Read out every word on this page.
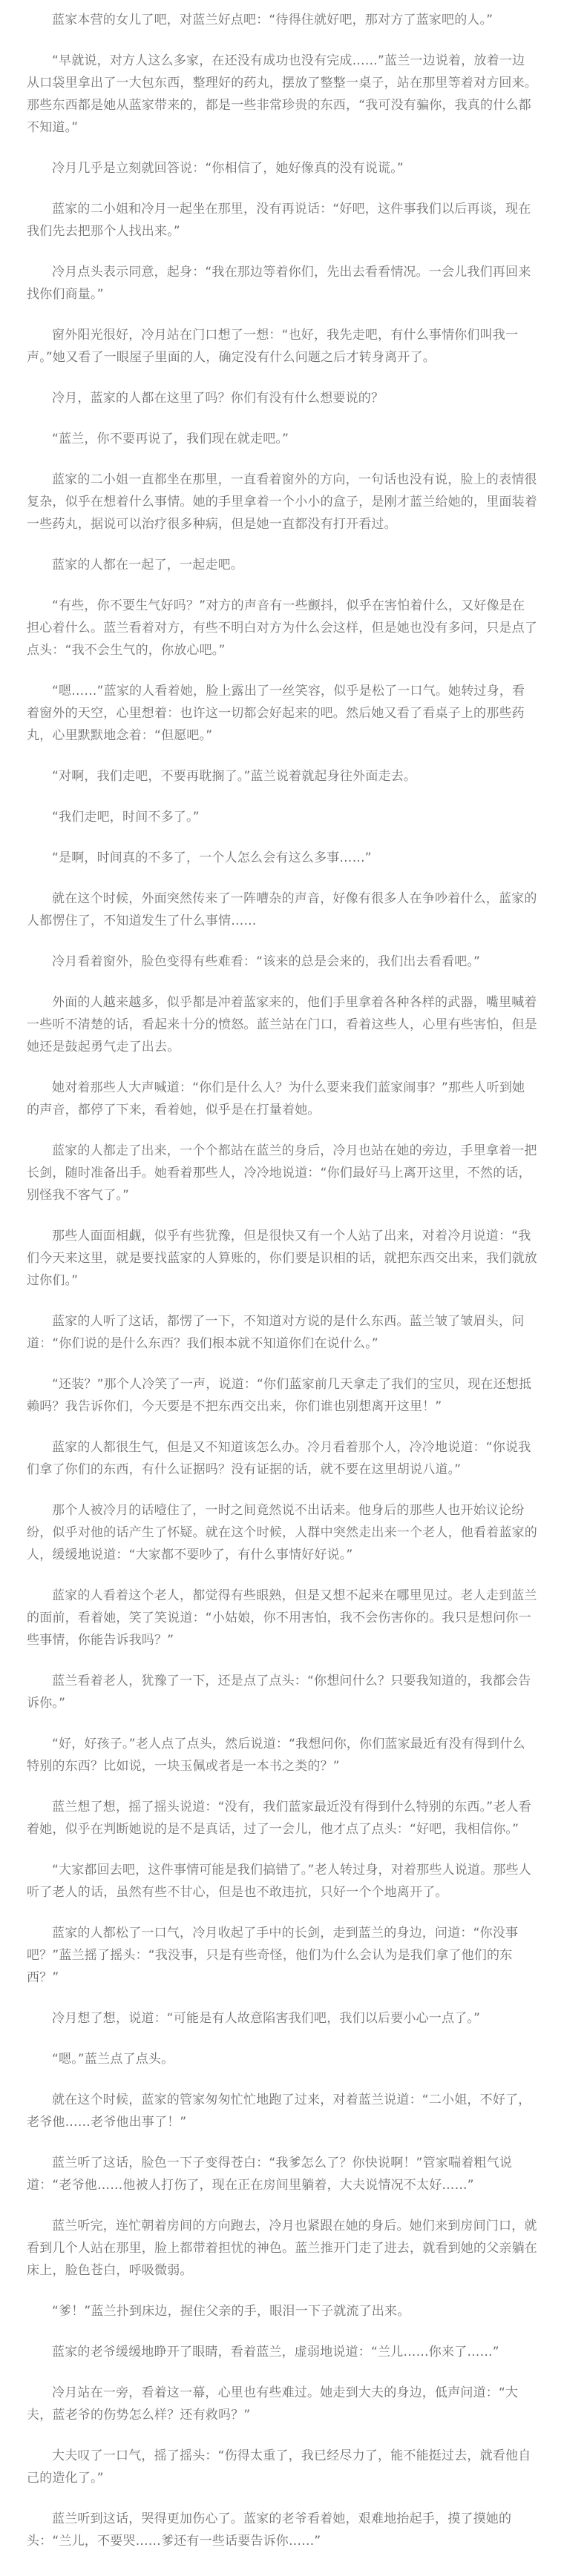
蓝家本营的女儿了吧，对蓝兰好点吧：“待得住就好吧，那对方了蓝家吧的人。”

“早就说，对方人这么多家，在还没有成功也没有完成……”蓝兰一边说着，放着一边从口袋里拿出了一大包东西，整理好的药丸，摆放了整整一桌子，站在那里等着对方回来。那些东西都是她从蓝家带来的，都是一些非常珍贵的东西，“我可没有骗你，我真的什么都不知道。”

冷月几乎是立刻就回答说：“你相信了，她好像真的没有说谎。”

蓝家的二小姐和冷月一起坐在那里，没有再说话：“好吧，这件事我们以后再谈，现在我们先去把那个人找出来。”

冷月点头表示同意，起身：“我在那边等着你们，先出去看看情况。一会儿我们再回来找你们商量。”

窗外阳光很好，冷月站在门口想了一想：“也好，我先走吧，有什么事情你们叫我一声。”她又看了一眼屋子里面的人，确定没有什么问题之后才转身离开了。

冷月，蓝家的人都在这里了吗？你们有没有什么想要说的？

“蓝兰，你不要再说了，我们现在就走吧。”

蓝家的二小姐一直都坐在那里，一直看着窗外的方向，一句话也没有说，脸上的表情很复杂，似乎在想着什么事情。她的手里拿着一个小小的盒子，是刚才蓝兰给她的，里面装着一些药丸，据说可以治疗很多种病，但是她一直都没有打开看过。

蓝家的人都在一起了，一起走吧。

“有些，你不要生气好吗？”对方的声音有一些颤抖，似乎在害怕着什么，又好像是在担心着什么。蓝兰看着对方，有些不明白对方为什么会这样，但是她也没有多问，只是点了点头：“我不会生气的，你放心吧。”

“嗯……”蓝家的人看着她，脸上露出了一丝笑容，似乎是松了一口气。她转过身，看着窗外的天空，心里想着：也许这一切都会好起来的吧。然后她又看了看桌子上的那些药丸，心里默默地念着：“但愿吧。”

“对啊，我们走吧，不要再耽搁了。”蓝兰说着就起身往外面走去。

“我们走吧，时间不多了。”

“是啊，时间真的不多了，一个人怎么会有这么多事……”

就在这个时候，外面突然传来了一阵嘈杂的声音，好像有很多人在争吵着什么，蓝家的人都愣住了，不知道发生了什么事情……

冷月看着窗外，脸色变得有些难看：“该来的总是会来的，我们出去看看吧。”

外面的人越来越多，似乎都是冲着蓝家来的，他们手里拿着各种各样的武器，嘴里喊着一些听不清楚的话，看起来十分的愤怒。蓝兰站在门口，看着这些人，心里有些害怕，但是她还是鼓起勇气走了出去。

她对着那些人大声喊道：“你们是什么人？为什么要来我们蓝家闹事？”那些人听到她的声音，都停了下来，看着她，似乎是在打量着她。

蓝家的人都走了出来，一个个都站在蓝兰的身后，冷月也站在她的旁边，手里拿着一把长剑，随时准备出手。她看着那些人，冷冷地说道：“你们最好马上离开这里，不然的话，别怪我不客气了。”

那些人面面相觑，似乎有些犹豫，但是很快又有一个人站了出来，对着冷月说道：“我们今天来这里，就是要找蓝家的人算账的，你们要是识相的话，就把东西交出来，我们就放过你们。”

蓝家的人听了这话，都愣了一下，不知道对方说的是什么东西。蓝兰皱了皱眉头，问道：“你们说的是什么东西？我们根本就不知道你们在说什么。”

“还装？”那个人冷笑了一声，说道：“你们蓝家前几天拿走了我们的宝贝，现在还想抵赖吗？我告诉你们，今天要是不把东西交出来，你们谁也别想离开这里！”

蓝家的人都很生气，但是又不知道该怎么办。冷月看着那个人，冷冷地说道：“你说我们拿了你们的东西，有什么证据吗？没有证据的话，就不要在这里胡说八道。”

那个人被冷月的话噎住了，一时之间竟然说不出话来。他身后的那些人也开始议论纷纷，似乎对他的话产生了怀疑。就在这个时候，人群中突然走出来一个老人，他看着蓝家的人，缓缓地说道：“大家都不要吵了，有什么事情好好说。”

蓝家的人看着这个老人，都觉得有些眼熟，但是又想不起来在哪里见过。老人走到蓝兰的面前，看着她，笑了笑说道：“小姑娘，你不用害怕，我不会伤害你的。我只是想问你一些事情，你能告诉我吗？”

蓝兰看着老人，犹豫了一下，还是点了点头：“你想问什么？只要我知道的，我都会告诉你。”

“好，好孩子。”老人点了点头，然后说道：“我想问你，你们蓝家最近有没有得到什么特别的东西？比如说，一块玉佩或者是一本书之类的？”

蓝兰想了想，摇了摇头说道：“没有，我们蓝家最近没有得到什么特别的东西。”老人看着她，似乎在判断她说的是不是真话，过了一会儿，他才点了点头：“好吧，我相信你。”

“大家都回去吧，这件事情可能是我们搞错了。”老人转过身，对着那些人说道。那些人听了老人的话，虽然有些不甘心，但是也不敢违抗，只好一个个地离开了。

蓝家的人都松了一口气，冷月收起了手中的长剑，走到蓝兰的身边，问道：“你没事吧？”蓝兰摇了摇头：“我没事，只是有些奇怪，他们为什么会认为是我们拿了他们的东西？”

冷月想了想，说道：“可能是有人故意陷害我们吧，我们以后要小心一点了。”

“嗯。”蓝兰点了点头。

就在这个时候，蓝家的管家匆匆忙忙地跑了过来，对着蓝兰说道：“二小姐，不好了，老爷他……老爷他出事了！”

蓝兰听了这话，脸色一下子变得苍白：“我爹怎么了？你快说啊！”管家喘着粗气说道：“老爷他……他被人打伤了，现在正在房间里躺着，大夫说情况不太好……”

蓝兰听完，连忙朝着房间的方向跑去，冷月也紧跟在她的身后。她们来到房间门口，就看到几个人站在那里，脸上都带着担忧的神色。蓝兰推开门走了进去，就看到她的父亲躺在床上，脸色苍白，呼吸微弱。

“爹！”蓝兰扑到床边，握住父亲的手，眼泪一下子就流了出来。

蓝家的老爷缓缓地睁开了眼睛，看着蓝兰，虚弱地说道：“兰儿……你来了……”

冷月站在一旁，看着这一幕，心里也有些难过。她走到大夫的身边，低声问道：“大夫，蓝老爷的伤势怎么样？还有救吗？”

大夫叹了一口气，摇了摇头：“伤得太重了，我已经尽力了，能不能挺过去，就看他自己的造化了。”

蓝兰听到这话，哭得更加伤心了。蓝家的老爷看着她，艰难地抬起手，摸了摸她的头：“兰儿，不要哭……爹还有一些话要告诉你……”
